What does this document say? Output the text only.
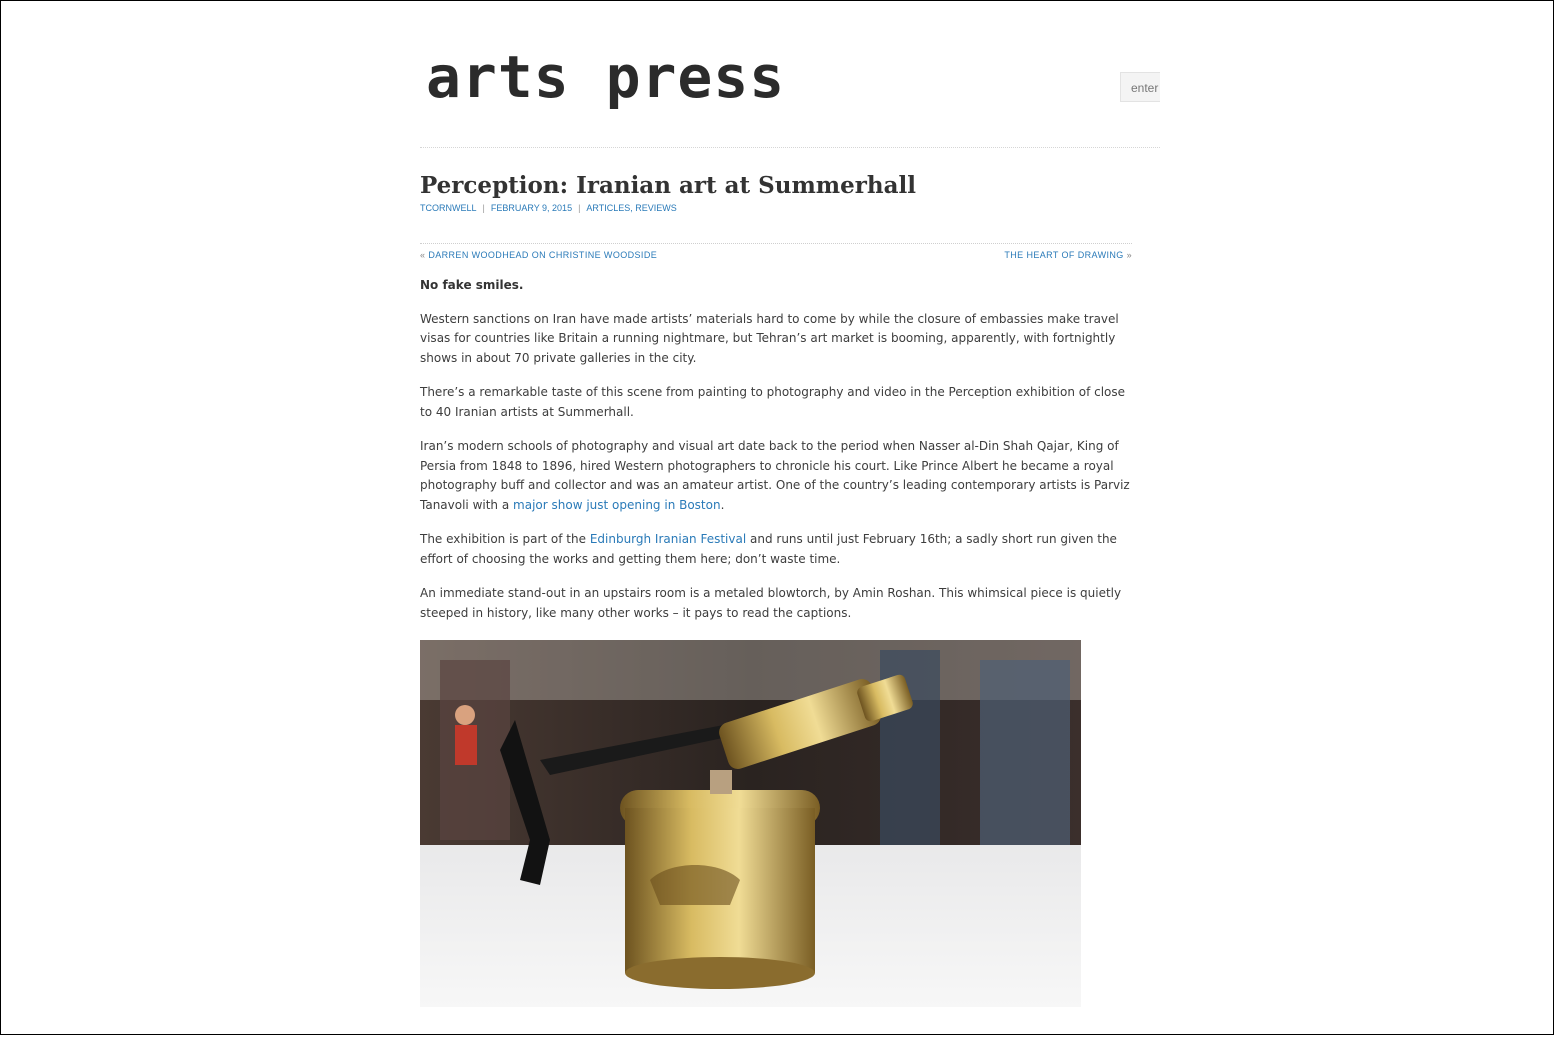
arts press	enter
Perception: Iranian art at Summerhall
TCORNWELL | FEBRUARY 9, 2015 | ARTICLES, REVIEWS
« DARREN WOODHEAD ON CHRISTINE WOODSIDE	THE HEART OF DRAWING »

No fake smiles.

Western sanctions on Iran have made artists’ materials hard to come by while the closure of embassies make travel visas for countries like Britain a running nightmare, but Tehran’s art market is booming, apparently, with fortnightly shows in about 70 private galleries in the city.

There’s a remarkable taste of this scene from painting to photography and video in the Perception exhibition of close to 40 Iranian artists at Summerhall.

Iran’s modern schools of photography and visual art date back to the period when Nasser al-Din Shah Qajar, King of Persia from 1848 to 1896, hired Western photographers to chronicle his court. Like Prince Albert he became a royal photography buff and collector and was an amateur artist. One of the country’s leading contemporary artists is Parviz Tanavoli with a major show just opening in Boston.

The exhibition is part of the Edinburgh Iranian Festival and runs until just February 16th; a sadly short run given the effort of choosing the works and getting them here; don’t waste time.

An immediate stand-out in an upstairs room is a metaled blowtorch, by Amin Roshan. This whimsical piece is quietly steeped in history, like many other works – it pays to read the captions.
